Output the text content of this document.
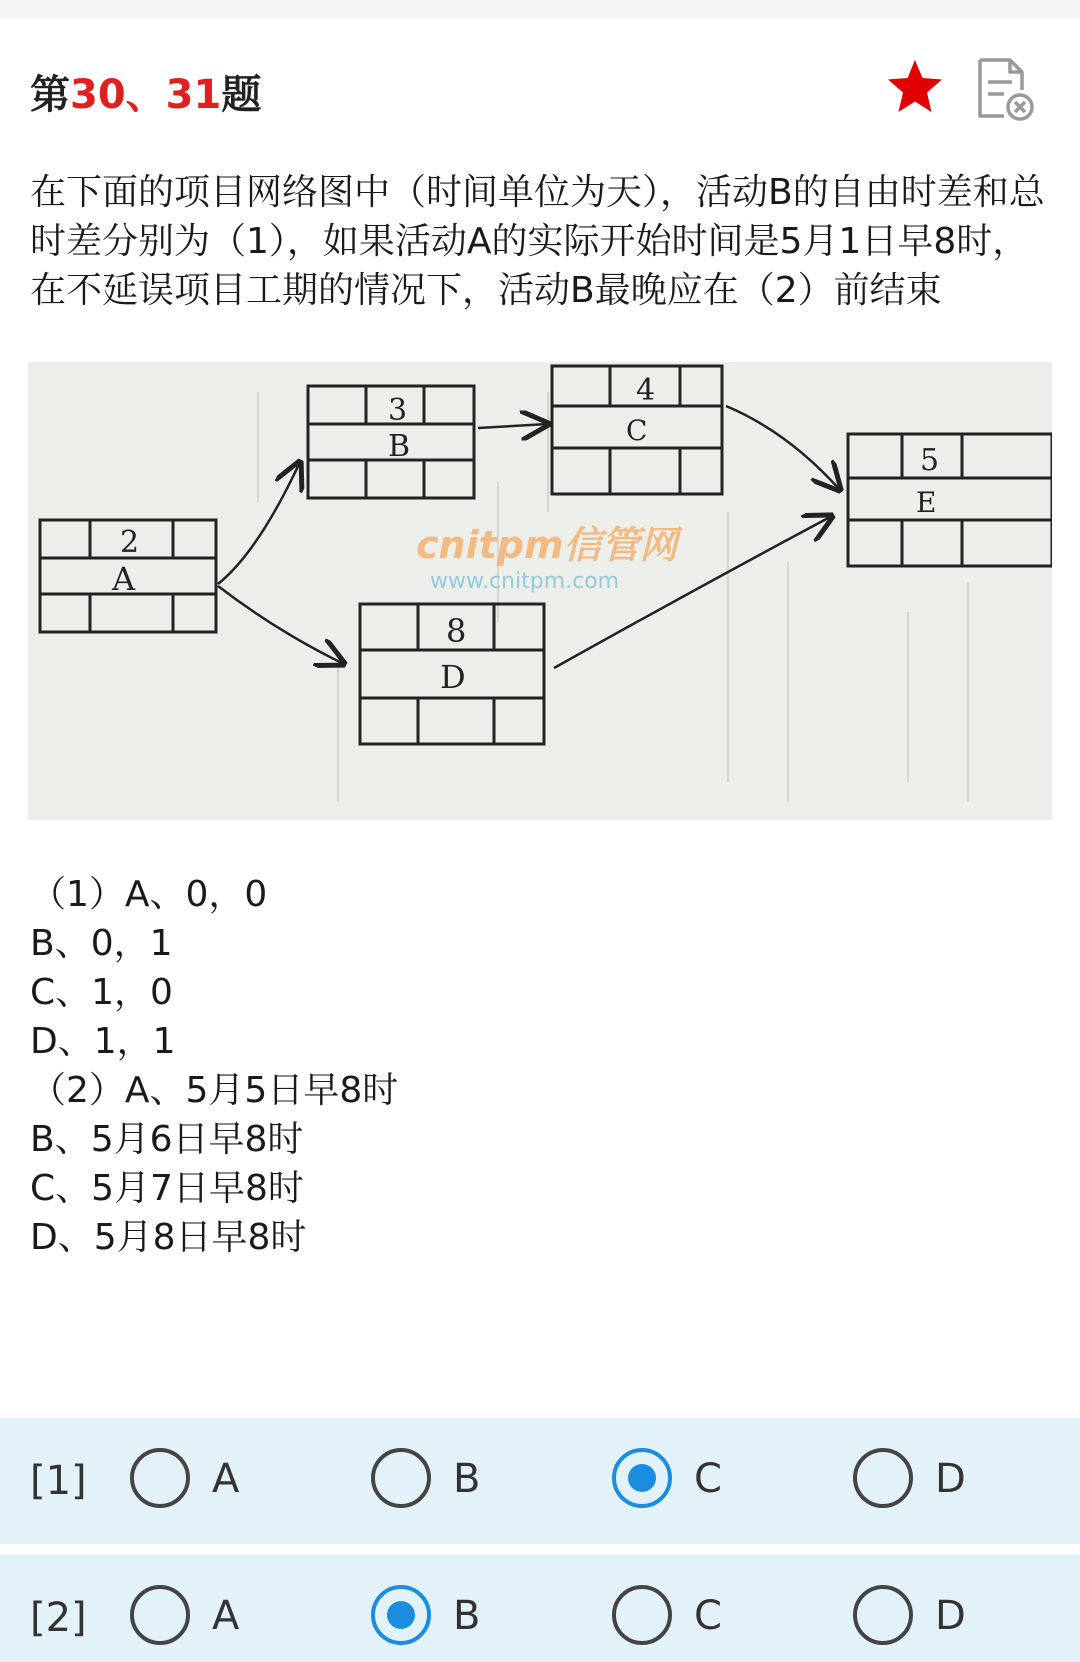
第30、31题
在下面的项目网络图中（时间单位为天），活动B的自由时差和总时差分别为（1），如果活动A的实际开始时间是5月1日早8时，在不延误项目工期的情况下，活动B最晚应在（2）前结束
2
A
3
B
4
C
8
D
5
E
cnitpm信管网
www.cnitpm.com
（1）A、0，0
B、0，1
C、1，0
D、1，1
（2）A、5月5日早8时
B、5月6日早8时
C、5月7日早8时
D、5月8日早8时
[1]	A	B	C	D
[2]	A	B	C	D
